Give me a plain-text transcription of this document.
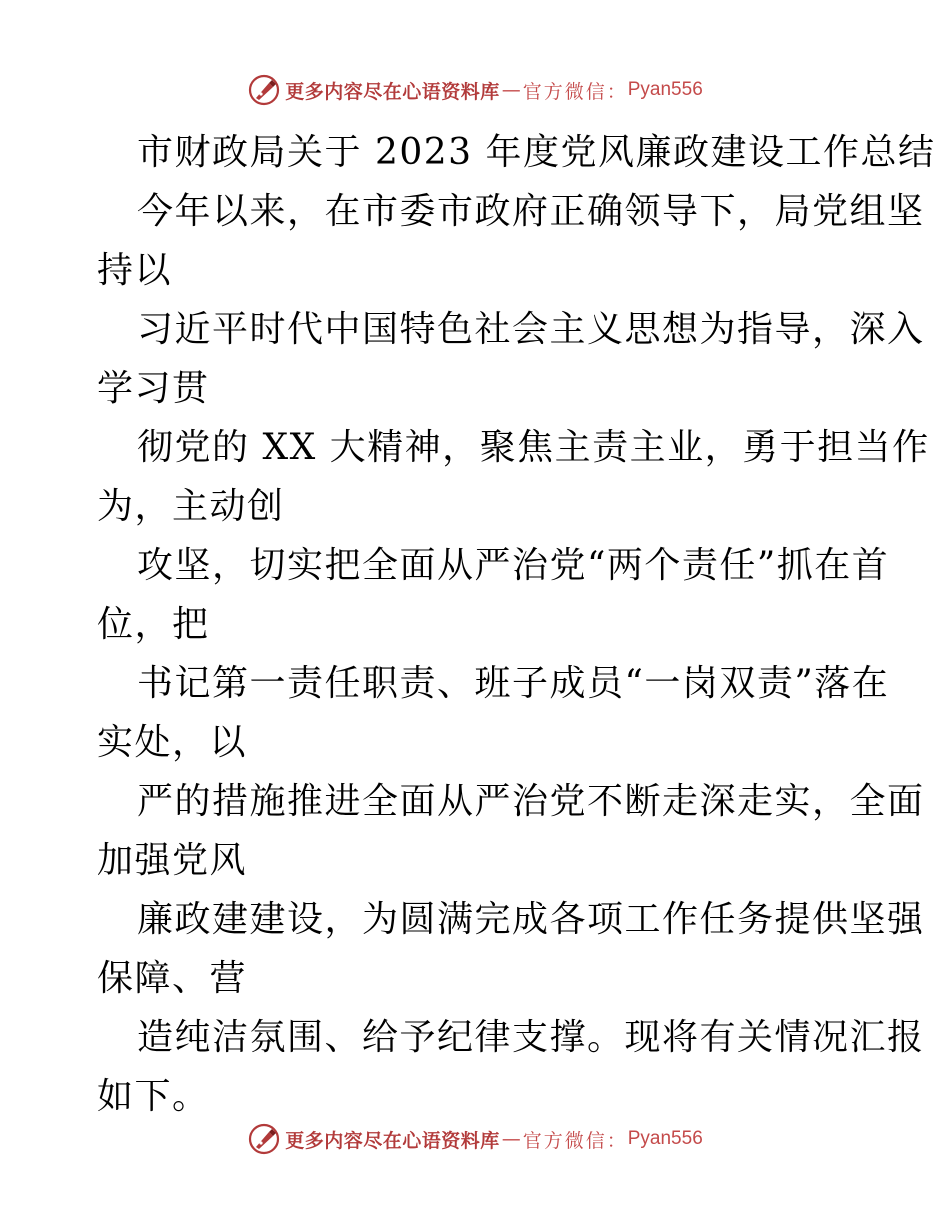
更多内容尽在心语资料库 — 官方微信： Pyan556
市财政局关于 2023 年度党风廉政建设工作总结
今年以来，在市委市政府正确领导下，局党组坚
持以
习近平时代中国特色社会主义思想为指导，深入
学习贯
彻党的 XX 大精神，聚焦主责主业，勇于担当作
为，主动创
攻坚，切实把全面从严治党“两个责任”抓在首
位，把
书记第一责任职责、班子成员“一岗双责”落在
实处，以
严的措施推进全面从严治党不断走深走实，全面
加强党风
廉政建建设，为圆满完成各项工作任务提供坚强
保障、营
造纯洁氛围、给予纪律支撑。现将有关情况汇报
如下。
更多内容尽在心语资料库 — 官方微信： Pyan556
